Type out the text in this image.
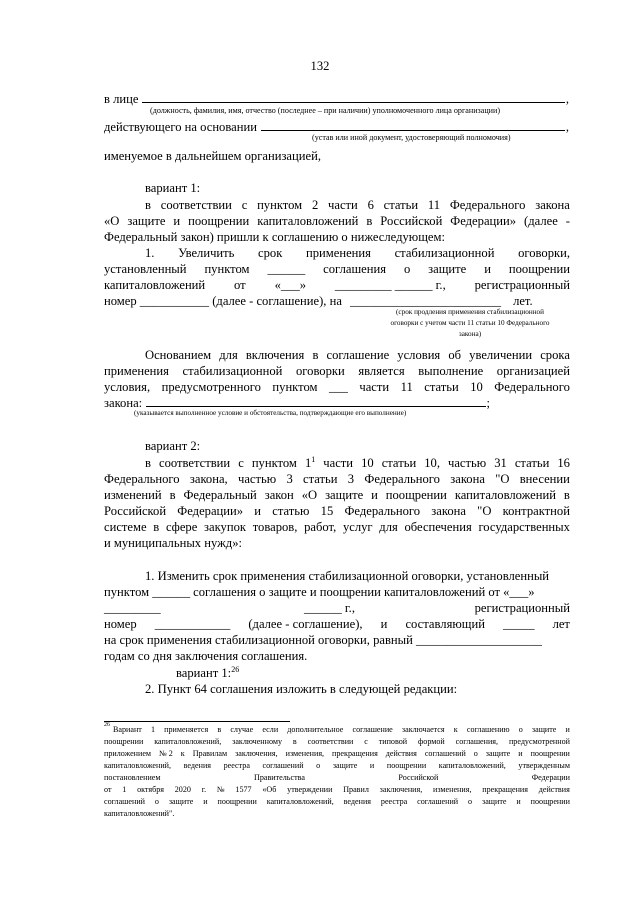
132
в лице	,
(должность, фамилия, имя, отчество (последнее – при наличии) уполномоченного лица организации)
действующего на основании	,
(устав или иной документ, удостоверяющий полномочия)
именуемое в дальнейшем организацией,
вариант 1:
в соответствии с пунктом 2 части 6 статьи 11 Федерального закона
«О защите и поощрении капиталовложений в Российской Федерации» (далее -
Федеральный закон) пришли к соглашению о нижеследующем:
1. Увеличить срок применения стабилизационной оговорки,
установленный пунктом ______ соглашения о защите и поощрении
капиталовложений от «___» _________ ______ г., регистрационный
номер ___________ (далее - соглашение), на ________________________ лет.
(срок продления применения стабилизационной
оговорки с учетом части 11 статьи 10 Федерального
закона)
Основанием для включения в соглашение условия об увеличении срока
применения стабилизационной оговорки является выполнение организацией
условия, предусмотренного пунктом ___ части 11 статьи 10 Федерального
закона:	;
(указывается выполненное условие и обстоятельства, подтверждающие его выполнение)
вариант 2:
в соответствии с пунктом $1^1$ части 10 статьи 10, частью 31 статьи 16
Федерального закона, частью 3 статьи 3 Федерального закона "О внесении
изменений в Федеральный закон «О защите и поощрении капиталовложений в
Российской Федерации» и статью 15 Федерального закона "О контрактной
системе в сфере закупок товаров, работ, услуг для обеспечения государственных
и муниципальных нужд»:
1. Изменить срок применения стабилизационной оговорки, установленный
пунктом ______ соглашения о защите и поощрении капиталовложений от «___»
_________	______ г.,	регистрационный
номер ____________ (далее - соглашение), и составляющий _____ лет
на срок применения стабилизационной оговорки, равный ____________________
годам со дня заключения соглашения.
вариант 1:$^{26}$
2. Пункт 64 соглашения изложить в следующей редакции:
26 Вариант 1 применяется в случае если дополнительное соглашение заключается к соглашению о защите и
поощрении капиталовложений, заключенному в соответствии с типовой формой соглашения, предусмотренной
приложением № 2 к Правилам заключения, изменения, прекращения действия соглашений о защите и поощрении
капиталовложений, ведения реестра соглашений о защите и поощрении капиталовложений, утвержденным
постановлением	Правительства	Российской	Федерации
от 1 октября 2020 г. № 1577 «Об утверждении Правил заключения, изменения, прекращения действия
соглашений о защите и поощрении капиталовложений, ведения реестра соглашений о защите и поощрении
капиталовложений".
